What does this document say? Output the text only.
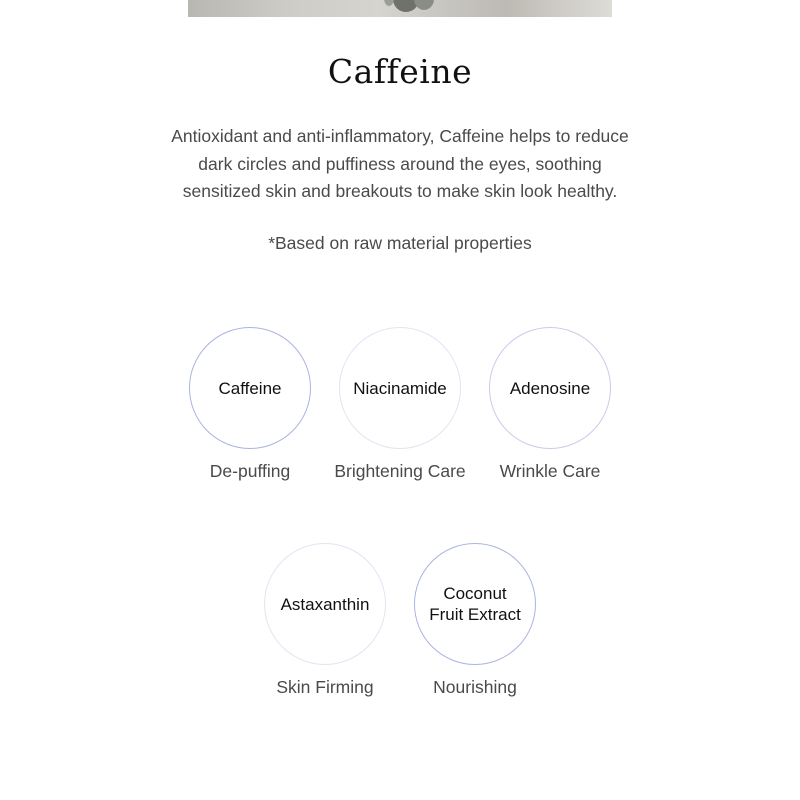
Caffeine

Antioxidant and anti-inflammatory, Caffeine helps to reduce
dark circles and puffiness around the eyes, soothing
sensitized skin and breakouts to make skin look healthy.

*Based on raw material properties
Caffeine
De-puffing
Niacinamide
Brightening Care
Adenosine
Wrinkle Care
Astaxanthin
Skin Firming
Coconut
Fruit Extract
Nourishing
